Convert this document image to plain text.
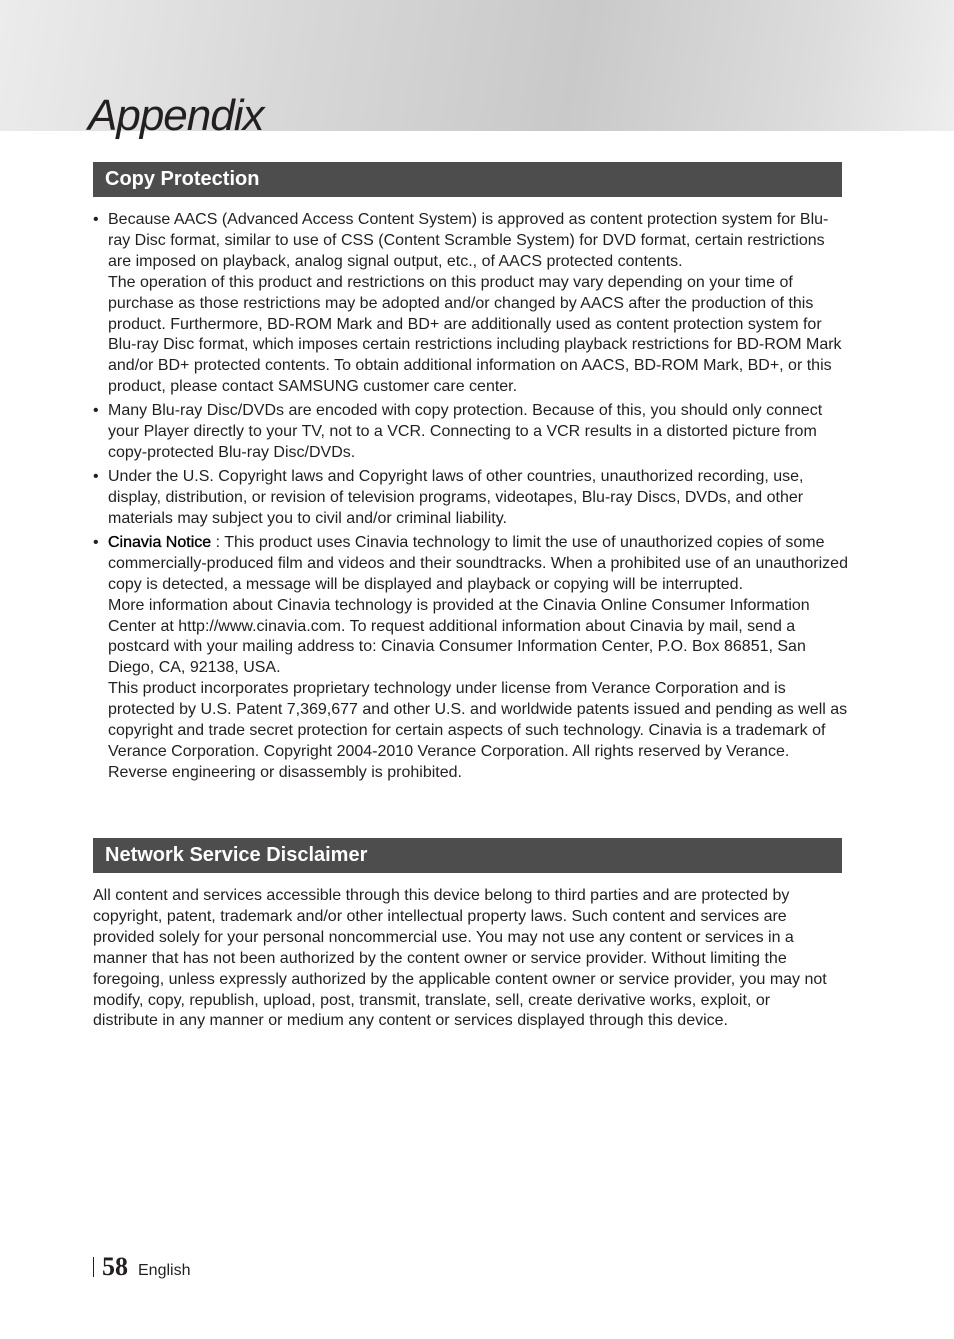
Appendix
Copy Protection
• Because AACS (Advanced Access Content System) is approved as content protection system for Blu-ray Disc format, similar to use of CSS (Content Scramble System) for DVD format, certain restrictions are imposed on playback, analog signal output, etc., of AACS protected contents.

The operation of this product and restrictions on this product may vary depending on your time of purchase as those restrictions may be adopted and/or changed by AACS after the production of this product. Furthermore, BD-ROM Mark and BD+ are additionally used as content protection system for Blu-ray Disc format, which imposes certain restrictions including playback restrictions for BD-ROM Mark and/or BD+ protected contents. To obtain additional information on AACS, BD-ROM Mark, BD+, or this product, please contact SAMSUNG customer care center.

• Many Blu-ray Disc/DVDs are encoded with copy protection. Because of this, you should only connect your Player directly to your TV, not to a VCR. Connecting to a VCR results in a distorted picture from copy-protected Blu-ray Disc/DVDs.

• Under the U.S. Copyright laws and Copyright laws of other countries, unauthorized recording, use, display, distribution, or revision of television programs, videotapes, Blu-ray Discs, DVDs, and other materials may subject you to civil and/or criminal liability.

• Cinavia Notice : This product uses Cinavia technology to limit the use of unauthorized copies of some commercially-produced film and videos and their soundtracks. When a prohibited use of an unauthorized copy is detected, a message will be displayed and playback or copying will be interrupted.

More information about Cinavia technology is provided at the Cinavia Online Consumer Information Center at http://www.cinavia.com. To request additional information about Cinavia by mail, send a postcard with your mailing address to: Cinavia Consumer Information Center, P.O. Box 86851, San Diego, CA, 92138, USA.

This product incorporates proprietary technology under license from Verance Corporation and is protected by U.S. Patent 7,369,677 and other U.S. and worldwide patents issued and pending as well as copyright and trade secret protection for certain aspects of such technology. Cinavia is a trademark of Verance Corporation. Copyright 2004-2010 Verance Corporation. All rights reserved by Verance. Reverse engineering or disassembly is prohibited.

Network Service Disclaimer

All content and services accessible through this device belong to third parties and are protected by copyright, patent, trademark and/or other intellectual property laws. Such content and services are provided solely for your personal noncommercial use. You may not use any content or services in a manner that has not been authorized by the content owner or service provider. Without limiting the foregoing, unless expressly authorized by the applicable content owner or service provider, you may not modify, copy, republish, upload, post, transmit, translate, sell, create derivative works, exploit, or distribute in any manner or medium any content or services displayed through this device.

58 English
